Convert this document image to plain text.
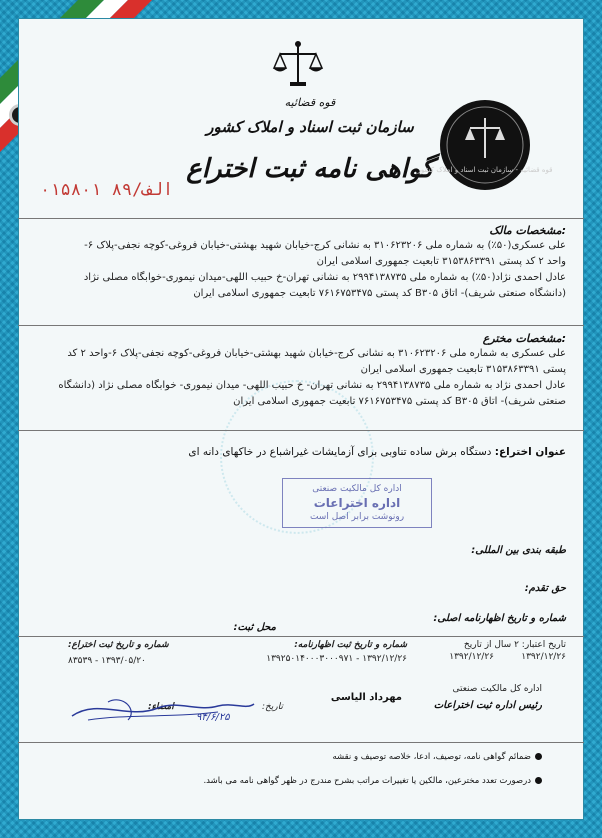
قوه قضائیه
سازمان ثبت اسناد و املاک کشور
گواهی نامه ثبت اختراع
قوه قضائیه - سازمان ثبت اسناد و املاک کشور
الف/۸۹ ۰۱۵۸۰۱
مشخصات مالک:
علی عسکری(۵۰٪) به شماره ملی ۳۱۰۶۲۳۲۰۶ به نشانی کرج-خیابان شهید بهشتی-خیابان فروغی-کوچه نجفی-پلاک ۶-
واحد ۲ کد پستی ۳۱۵۳۸۶۳۳۹۱ تابعیت جمهوری اسلامی ایران
عادل احمدی نژاد(۵۰٪) به شماره ملی ۲۹۹۴۱۳۸۷۳۵ به نشانی تهران-خ حبیب اللهی-میدان نیموری-خوابگاه مصلی نژاد
(دانشگاه صنعتی شریف)- اتاق B۳۰۵ کد پستی ۷۶۱۶۷۵۳۴۷۵ تابعیت جمهوری اسلامی ایران
مشخصات مخترع:
علی عسکری به شماره ملی ۳۱۰۶۲۳۲۰۶ به نشانی کرج-خیابان شهید بهشتی-خیابان فروغی-کوچه نجفی-پلاک ۶-واحد ۲ کد
پستی ۳۱۵۳۸۶۳۳۹۱ تابعیت جمهوری اسلامی ایران
عادل احمدی نژاد به شماره ملی ۲۹۹۴۱۳۸۷۳۵ به نشانی تهران- خ حبیب اللهی- میدان نیموری- خوابگاه مصلی نژاد (دانشگاه
صنعتی شریف)- اتاق B۳۰۵ کد پستی ۷۶۱۶۷۵۳۴۷۵ تابعیت جمهوری اسلامی ایران
عنوان اختراع: دستگاه برش ساده تناوبی برای آزمایشات غیراشباع در خاکهای دانه ای
اداره کل مالکیت صنعتی
اداره اختراعات
رونوشت برابر اصل است
طبقه بندی بین المللی:
حق تقدم:
شماره و تاریخ اظهارنامه اصلی:
محل ثبت:
تاریخ اعتبار: ۲ سال از تاریخ
۱۳۹۲/۱۲/۲۶
۱۳۹۲/۱۲/۲۶
شماره و تاریخ ثبت اظهارنامه:
۱۳۹۲/۱۲/۲۶ - ۱۳۹۲۵۰۱۴۰۰۰۳۰۰۰۹۷۱
شماره و تاریخ ثبت اختراع:
۱۳۹۳/۰۵/۲۰ - ۸۳۵۳۹
اداره کل مالکیت صنعتی
رئیس اداره ثبت اختراعات
مهرداد الیاسی
تاریخ:
امضاء:
۹۴/۶/۲۵
ضمائم گواهی نامه، توصیف، ادعا، خلاصه توصیف و نقشه
درصورت تعدد مخترعین، مالکین یا تغییرات مراتب بشرح مندرج در ظهر گواهی نامه می باشد.
